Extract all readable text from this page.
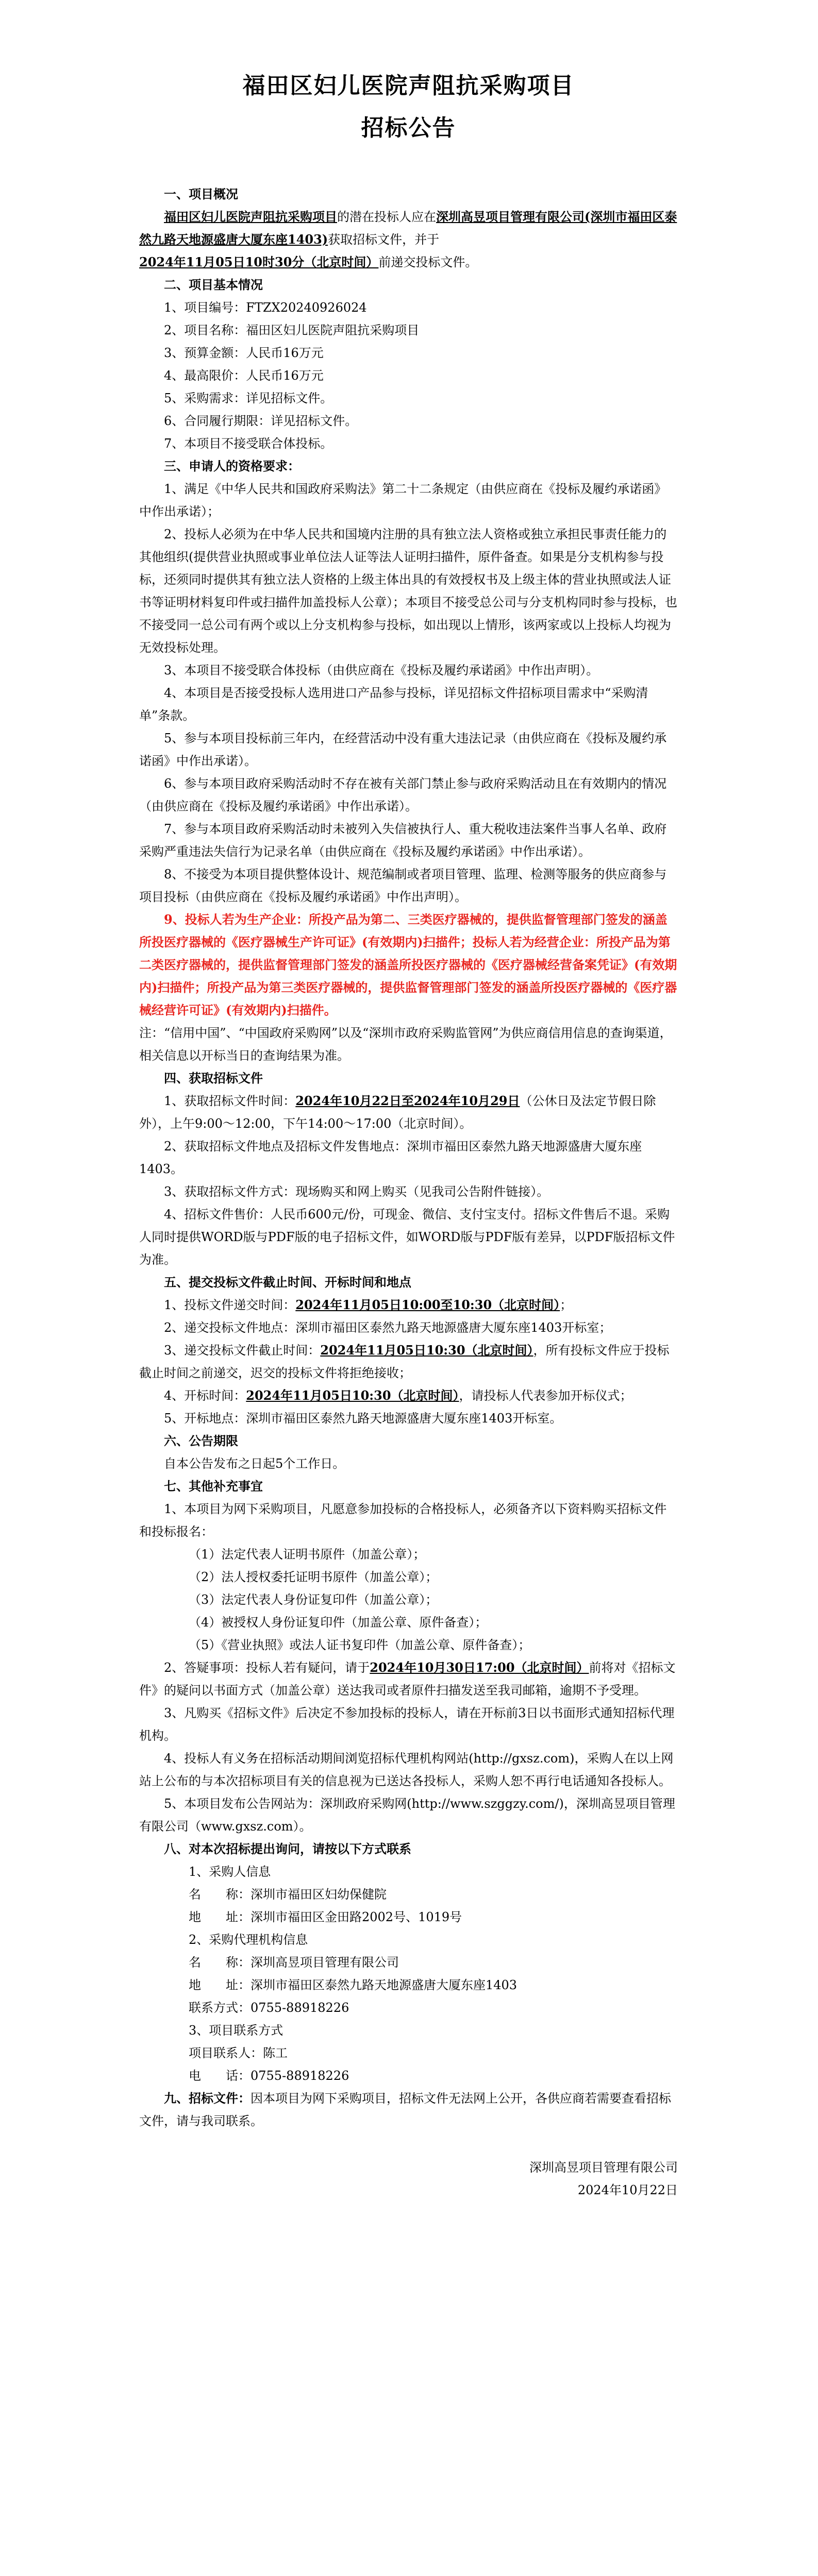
福田区妇儿医院声阻抗采购项目
招标公告

一、项目概况

福田区妇儿医院声阻抗采购项目的潜在投标人应在深圳高昱项目管理有限公司(深圳市福田区泰然九路天地源盛唐大厦东座1403)获取招标文件，并于2024年11月05日10时30分（北京时间）前递交投标文件。

二、项目基本情况

1、项目编号：FTZX20240926024

2、项目名称：福田区妇儿医院声阻抗采购项目

3、预算金额：人民币16万元

4、最高限价：人民币16万元

5、采购需求：详见招标文件。

6、合同履行期限：详见招标文件。

7、本项目不接受联合体投标。

三、申请人的资格要求：

1、满足《中华人民共和国政府采购法》第二十二条规定（由供应商在《投标及履约承诺函》中作出承诺）；

2、投标人必须为在中华人民共和国境内注册的具有独立法人资格或独立承担民事责任能力的其他组织(提供营业执照或事业单位法人证等法人证明扫描件，原件备查。如果是分支机构参与投标，还须同时提供其有独立法人资格的上级主体出具的有效授权书及上级主体的营业执照或法人证书等证明材料复印件或扫描件加盖投标人公章）；本项目不接受总公司与分支机构同时参与投标，也不接受同一总公司有两个或以上分支机构参与投标，如出现以上情形，该两家或以上投标人均视为无效投标处理。

3、本项目不接受联合体投标（由供应商在《投标及履约承诺函》中作出声明）。

4、本项目是否接受投标人选用进口产品参与投标，详见招标文件招标项目需求中“采购清单”条款。

5、参与本项目投标前三年内，在经营活动中没有重大违法记录（由供应商在《投标及履约承诺函》中作出承诺）。

6、参与本项目政府采购活动时不存在被有关部门禁止参与政府采购活动且在有效期内的情况（由供应商在《投标及履约承诺函》中作出承诺）。

7、参与本项目政府采购活动时未被列入失信被执行人、重大税收违法案件当事人名单、政府采购严重违法失信行为记录名单（由供应商在《投标及履约承诺函》中作出承诺）。

8、不接受为本项目提供整体设计、规范编制或者项目管理、监理、检测等服务的供应商参与项目投标（由供应商在《投标及履约承诺函》中作出声明）。

9、投标人若为生产企业：所投产品为第二、三类医疗器械的，提供监督管理部门签发的涵盖所投医疗器械的《医疗器械生产许可证》(有效期内)扫描件；投标人若为经营企业：所投产品为第二类医疗器械的，提供监督管理部门签发的涵盖所投医疗器械的《医疗器械经营备案凭证》(有效期内)扫描件；所投产品为第三类医疗器械的，提供监督管理部门签发的涵盖所投医疗器械的《医疗器械经营许可证》(有效期内)扫描件。

注：“信用中国”、“中国政府采购网”以及“深圳市政府采购监管网”为供应商信用信息的查询渠道，相关信息以开标当日的查询结果为准。

四、获取招标文件

1、获取招标文件时间：2024年10月22日至2024年10月29日（公休日及法定节假日除外），上午9:00～12:00，下午14:00～17:00（北京时间）。

2、获取招标文件地点及招标文件发售地点：深圳市福田区泰然九路天地源盛唐大厦东座1403。

3、获取招标文件方式：现场购买和网上购买（见我司公告附件链接）。

4、招标文件售价：人民币600元/份，可现金、微信、支付宝支付。招标文件售后不退。采购人同时提供WORD版与PDF版的电子招标文件，如WORD版与PDF版有差异，以PDF版招标文件为准。

五、提交投标文件截止时间、开标时间和地点

1、投标文件递交时间：2024年11月05日10:00至10:30（北京时间）；

2、递交投标文件地点：深圳市福田区泰然九路天地源盛唐大厦东座1403开标室；

3、递交投标文件截止时间：2024年11月05日10:30（北京时间），所有投标文件应于投标截止时间之前递交，迟交的投标文件将拒绝接收；

4、开标时间：2024年11月05日10:30（北京时间），请投标人代表参加开标仪式；

5、开标地点：深圳市福田区泰然九路天地源盛唐大厦东座1403开标室。

六、公告期限

自本公告发布之日起5个工作日。

七、其他补充事宜

1、本项目为网下采购项目，凡愿意参加投标的合格投标人，必须备齐以下资料购买招标文件和投标报名：

（1）法定代表人证明书原件（加盖公章）；

（2）法人授权委托证明书原件（加盖公章）；

（3）法定代表人身份证复印件（加盖公章）；

（4）被授权人身份证复印件（加盖公章、原件备查）；

（5）《营业执照》或法人证书复印件（加盖公章、原件备查）；

2、答疑事项：投标人若有疑问，请于2024年10月30日17:00（北京时间）前将对《招标文件》的疑问以书面方式（加盖公章）送达我司或者原件扫描发送至我司邮箱，逾期不予受理。

3、凡购买《招标文件》后决定不参加投标的投标人，请在开标前3日以书面形式通知招标代理机构。

4、投标人有义务在招标活动期间浏览招标代理机构网站(http://gxsz.com)，采购人在以上网站上公布的与本次招标项目有关的信息视为已送达各投标人，采购人恕不再行电话通知各投标人。

5、本项目发布公告网站为：深圳政府采购网(http://www.szggzy.com/)，深圳高昱项目管理有限公司（www.gxsz.com）。

八、对本次招标提出询问，请按以下方式联系

1、采购人信息

名　　称：深圳市福田区妇幼保健院

地　　址：深圳市福田区金田路2002号、1019号

2、采购代理机构信息

名　　称：深圳高昱项目管理有限公司

地　　址：深圳市福田区泰然九路天地源盛唐大厦东座1403

联系方式：0755-88918226

3、项目联系方式

项目联系人：陈工

电　　话：0755-88918226

九、招标文件：因本项目为网下采购项目，招标文件无法网上公开，各供应商若需要查看招标文件，请与我司联系。

深圳高昱项目管理有限公司

2024年10月22日
